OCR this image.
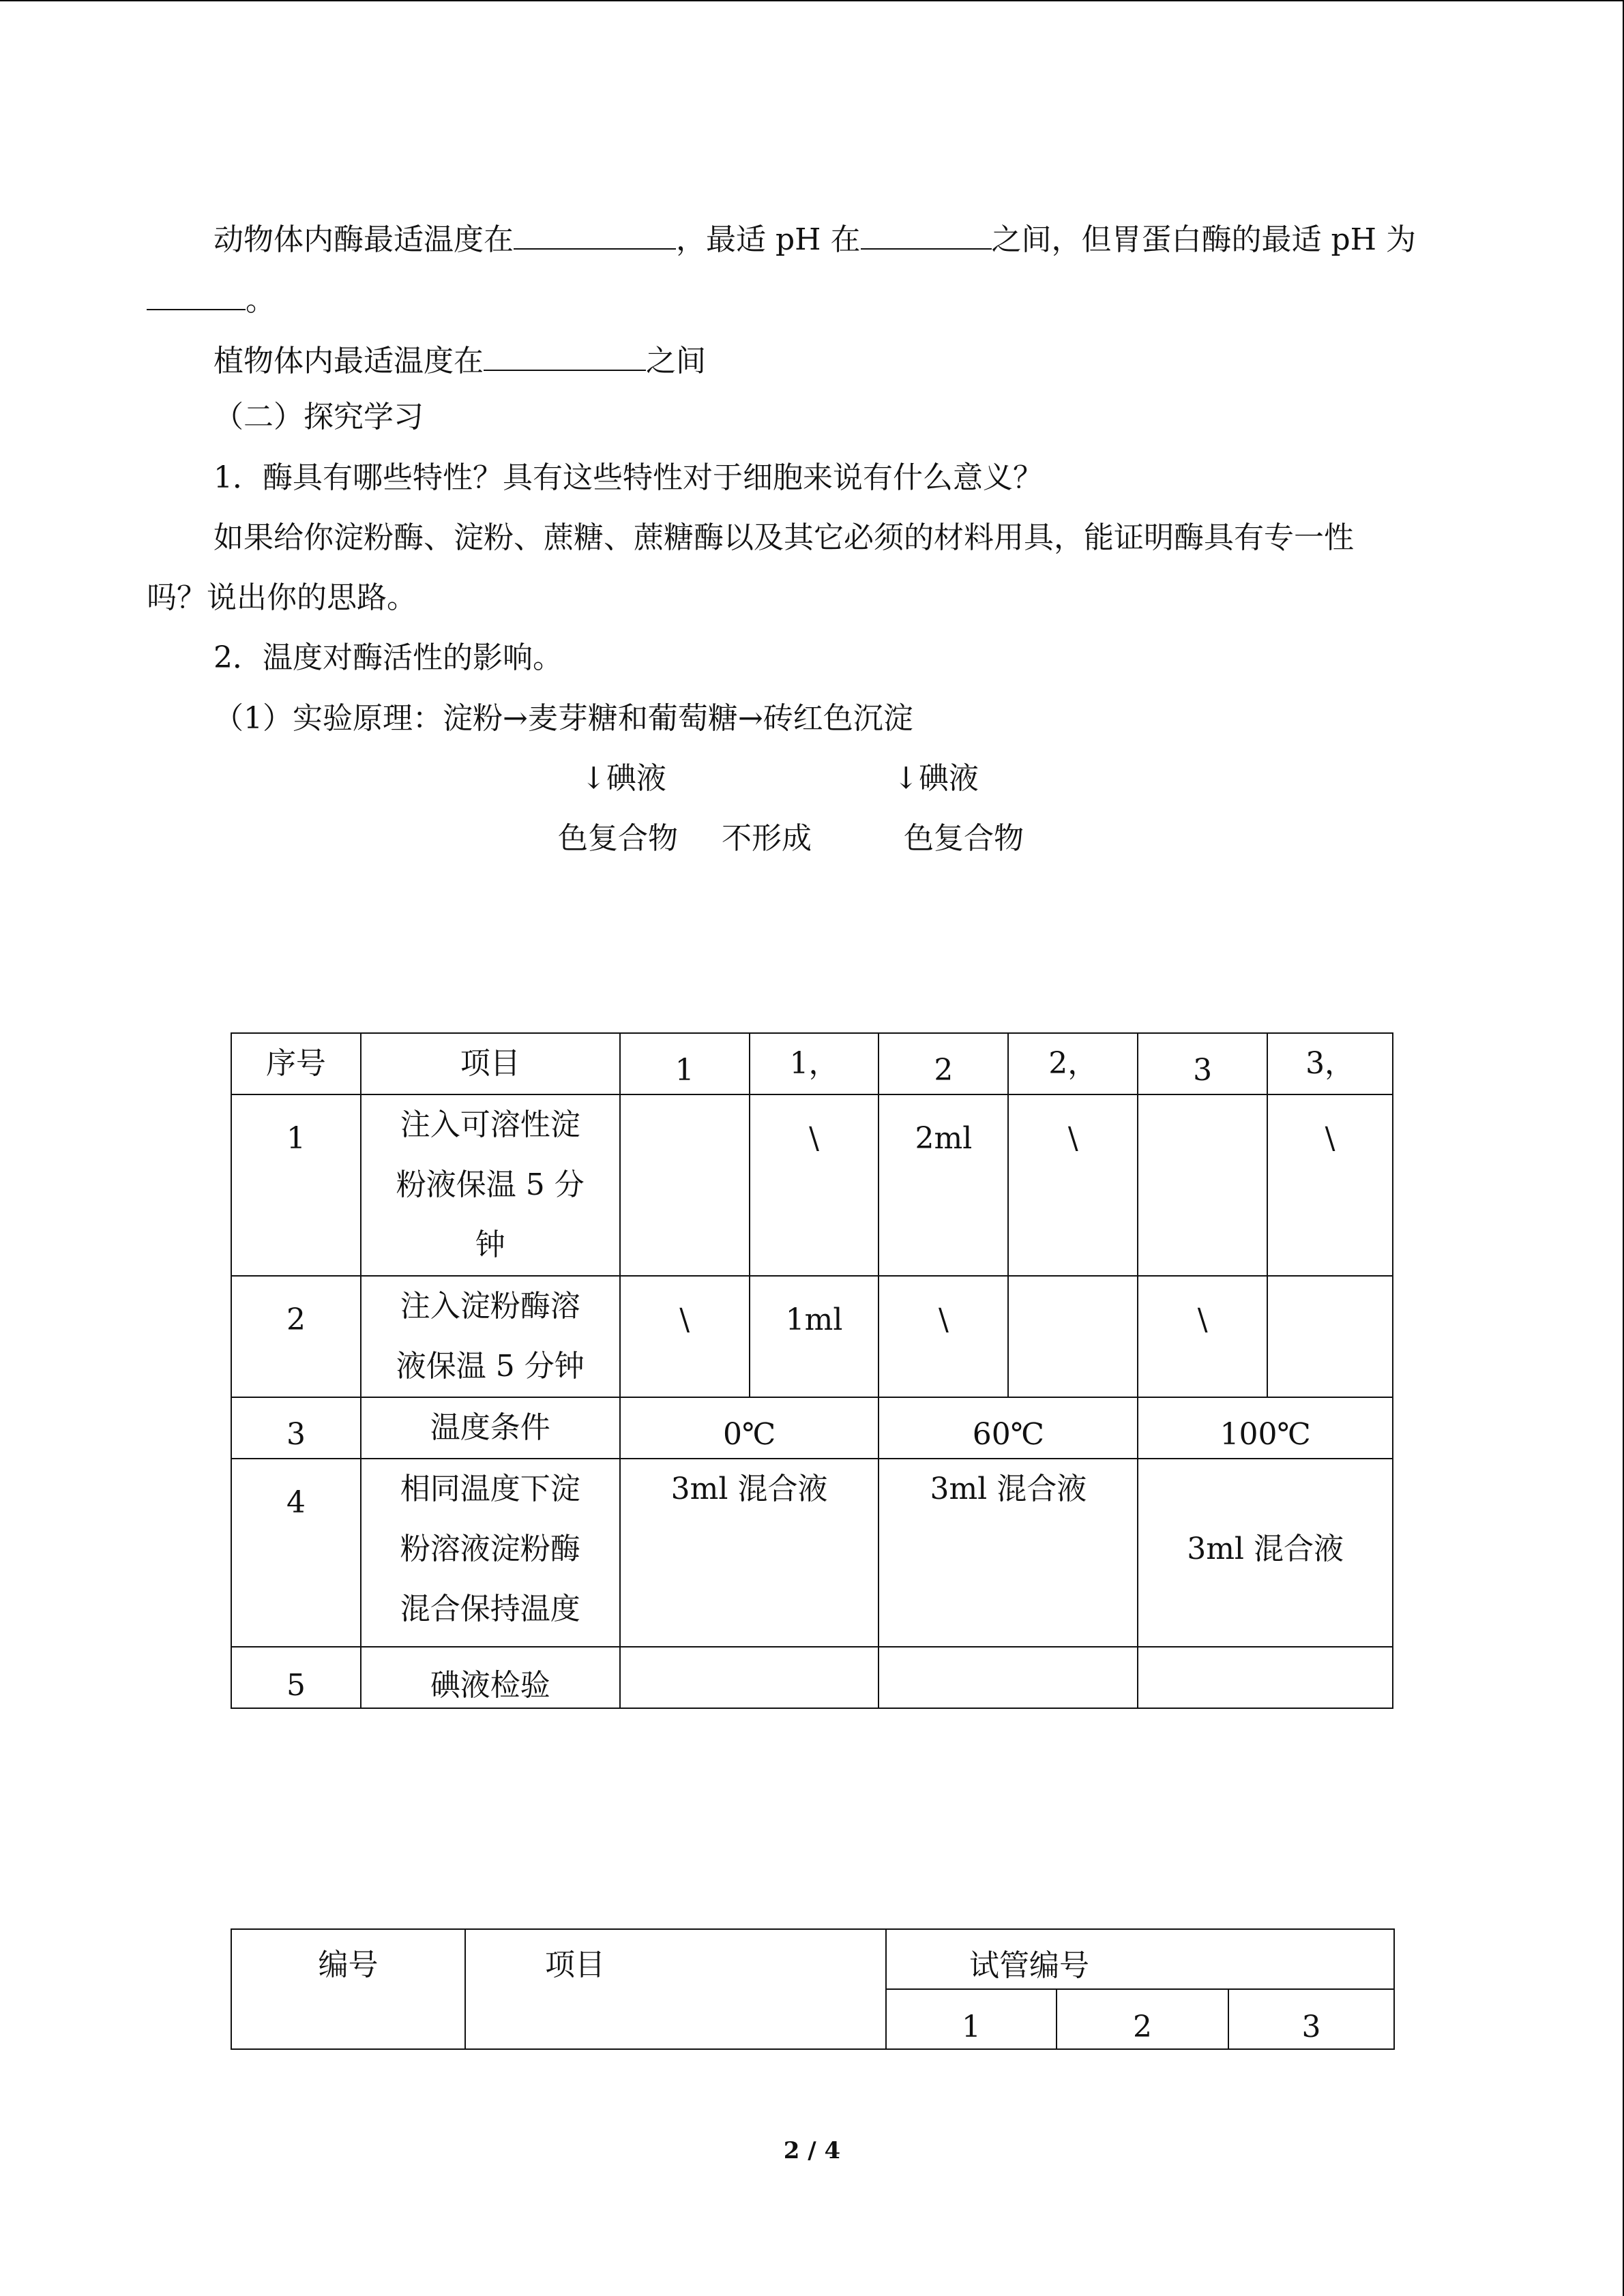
动物体内酶最适温度在	，最适 pH 在	之间，但胃蛋白酶的最适 pH 为
。
植物体内最适温度在	之间
（二）探究学习
1．酶具有哪些特性？具有这些特性对于细胞来说有什么意义？
如果给你淀粉酶、淀粉、蔗糖、蔗糖酶以及其它必须的材料用具，能证明酶具有专一性
吗？说出你的思路。
2．温度对酶活性的影响。
（1）实验原理：淀粉→麦芽糖和葡萄糖→砖红色沉淀
↓碘液	↓碘液
色复合物 不形成	色复合物
序号	项目	1	1，	2	2，	3	3，
1	注入可溶性淀
粉液保温 5 分
钟		\	2ml	\		\
2	注入淀粉酶溶
液保温 5 分钟	\	1ml	\		\	
3	温度条件	0℃		60℃		100℃	
4	相同温度下淀
粉溶液淀粉酶
混合保持温度	3ml 混合液		3ml 混合液		3ml 混合液	
5	碘液检验						
编号	项目	试管编号		
		1	2	3
2 / 4
